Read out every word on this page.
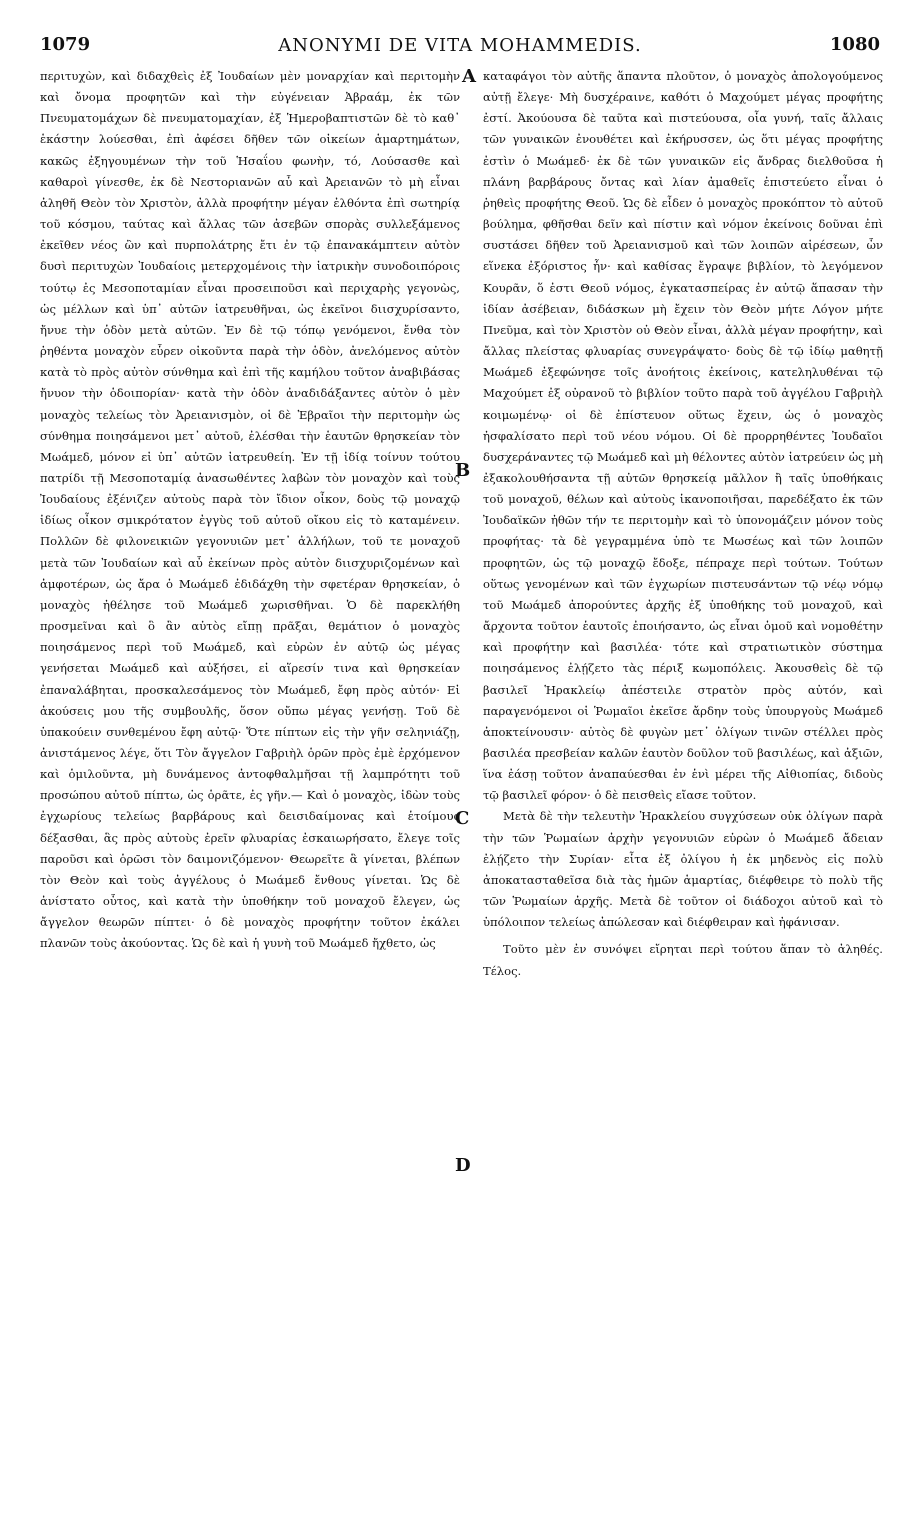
1079	ANONYMI DE VITA MOHAMMEDIS.	1080

περιτυχὼν, καὶ διδαχθεὶς ἐξ Ἰουδαίων μὲν μοναρχίαν καὶ περιτομὴν καὶ ὄνομα προφητῶν καὶ τὴν εὐγένειαν Ἀβραάμ, ἐκ τῶν Πνευματομάχων δὲ πνευματομαχίαν, ἐξ Ἡμεροβαπτιστῶν δὲ τὸ καθ᾽ ἑκάστην λούεσθαι, ἐπὶ ἀφέσει δῆθεν τῶν οἰκείων ἁμαρτημάτων, κακῶς ἐξηγουμένων τὴν τοῦ Ἡσαΐου φωνὴν, τό, Λούσασθε καὶ καθαροὶ γίνεσθε, ἐκ δὲ Νεστοριανῶν αὖ καὶ Ἀρειανῶν τὸ μὴ εἶναι ἀληθῆ Θεὸν τὸν Χριστὸν, ἀλλὰ προφήτην μέγαν ἐλθόντα ἐπὶ σωτηρίᾳ τοῦ κόσμου, ταύτας καὶ ἄλλας τῶν ἀσεβῶν σπορὰς συλλεξάμενος ἐκεῖθεν νέος ὢν καὶ πυρπολάτρης ἔτι ἐν τῷ ἐπανακάμπτειν αὐτὸν δυσὶ περιτυχὼν Ἰουδαίοις μετερχομένοις τὴν ἰατρικὴν συνοδοιπόροις τούτῳ ἐς Μεσοποταμίαν εἶναι προσειποῦσι καὶ περιχαρὴς γεγονὼς, ὡς μέλλων καὶ ὑπ᾽ αὐτῶν ἰατρευθῆναι, ὡς ἐκεῖνοι διισχυρίσαντο, ἤνυε τὴν ὁδὸν μετὰ αὐτῶν. Ἐν δὲ τῷ τόπῳ γενόμενοι, ἔνθα τὸν ῥηθέντα μοναχὸν εὗρεν οἰκοῦντα παρὰ τὴν ὁδὸν, ἀνελόμενος αὐτὸν κατὰ τὸ πρὸς αὐτὸν σύνθημα καὶ ἐπὶ τῆς καμήλου τοῦτον ἀναβιβάσας ἤνυον τὴν ὁδοιπορίαν· κατὰ τὴν ὁδὸν ἀναδιδάξαντες αὐτὸν ὁ μὲν μοναχὸς τελείως τὸν Ἀρειανισμὸν, οἱ δὲ Ἑβραῖοι τὴν περιτομὴν ὡς σύνθημα ποιησάμενοι μετ᾽ αὐτοῦ, ἐλέσθαι τὴν ἑαυτῶν θρησκείαν τὸν Μωάμεδ, μόνον εἰ ὑπ᾽ αὐτῶν ἰατρευθείη. Ἐν τῇ ἰδίᾳ τοίνυν τούτου πατρίδι τῇ Μεσοποταμίᾳ ἀνασωθέντες λαβὼν τὸν μοναχὸν καὶ τοὺς Ἰουδαίους ἐξένιζεν αὐτοὺς παρὰ τὸν ἴδιον οἶκον, δοὺς τῷ μοναχῷ ἰδίως οἶκον σμικρότατον ἐγγὺς τοῦ αὐτοῦ οἴκου εἰς τὸ καταμένειν. Πολλῶν δὲ φιλονεικιῶν γεγονυιῶν μετ᾽ ἀλλήλων, τοῦ τε μοναχοῦ μετὰ τῶν Ἰουδαίων καὶ αὖ ἐκείνων πρὸς αὐτὸν διισχυριζομένων καὶ ἀμφοτέρων, ὡς ἄρα ὁ Μωάμεδ ἐδιδάχθη τὴν σφετέραν θρησκείαν, ὁ μοναχὸς ἠθέλησε τοῦ Μωάμεδ χωρισθῆναι. Ὁ δὲ παρεκλήθη προσμεῖναι καὶ ὃ ἂν αὐτὸς εἴπῃ πρᾶξαι, θεμάτιον ὁ μοναχὸς ποιησάμενος περὶ τοῦ Μωάμεδ, καὶ εὑρὼν ἐν αὐτῷ ὡς μέγας γενήσεται Μωάμεδ καὶ αὐξήσει, εἰ αἵρεσίν τινα καὶ θρησκείαν ἐπαναλάβηται, προσκαλεσάμενος τὸν Μωάμεδ, ἔφη πρὸς αὐτόν· Εἰ ἀκούσεις μου τῆς συμβουλῆς, ὅσον οὔπω μέγας γενήσῃ. Τοῦ δὲ ὑπακούειν συνθεμένου ἔφη αὐτῷ· Ὅτε πίπτων εἰς τὴν γῆν σεληνιάζῃ, ἀνιστάμενος λέγε, ὅτι Τὸν ἄγγελον Γαβριὴλ ὁρῶν πρὸς ἐμὲ ἐρχόμενον καὶ ὁμιλοῦντα, μὴ δυνάμενος ἀντοφθαλμῆσαι τῇ λαμπρότητι τοῦ προσώπου αὐτοῦ πίπτω, ὡς ὁρᾶτε, ἐς γῆν.— Καὶ ὁ μοναχὸς, ἰδὼν τοὺς ἐγχωρίους τελείως βαρβάρους καὶ δεισιδαίμονας καὶ ἑτοίμους δέξασθαι, ἃς πρὸς αὐτοὺς ἐρεῖν φλυαρίας ἐσκαιωρήσατο, ἔλεγε τοῖς παροῦσι καὶ ὁρῶσι τὸν δαιμονιζόμενον· Θεωρεῖτε ἃ γίνεται, βλέπων τὸν Θεὸν καὶ τοὺς ἀγγέλους ὁ Μωάμεδ ἔνθους γίνεται. Ὡς δὲ ἀνίστατο οὗτος, καὶ κατὰ τὴν ὑποθήκην τοῦ μοναχοῦ ἔλεγεν, ὡς ἄγγελον θεωρῶν πίπτει· ὁ δὲ μοναχὸς προφήτην τοῦτον ἐκάλει πλανῶν τοὺς ἀκούοντας. Ὡς δὲ καὶ ἡ γυνὴ τοῦ Μωάμεδ ἤχθετο, ὡς

A
B
C
D

καταφάγοι τὸν αὐτῆς ἅπαντα πλοῦτον, ὁ μοναχὸς ἀπολογούμενος αὐτῇ ἔλεγε· Μὴ δυσχέραινε, καθότι ὁ Μαχούμετ μέγας προφήτης ἐστί. Ἀκούουσα δὲ ταῦτα καὶ πιστεύουσα, οἷα γυνή, ταῖς ἄλλαις τῶν γυναικῶν ἐνουθέτει καὶ ἐκήρυσσεν, ὡς ὅτι μέγας προφήτης ἐστὶν ὁ Μωάμεδ· ἐκ δὲ τῶν γυναικῶν εἰς ἄνδρας διελθοῦσα ἡ πλάνη βαρβάρους ὄντας καὶ λίαν ἀμαθεῖς ἐπιστεύετο εἶναι ὁ ῥηθεὶς προφήτης Θεοῦ. Ὡς δὲ εἶδεν ὁ μοναχὸς προκόπτον τὸ αὐτοῦ βούλημα, φθῆσθαι δεῖν καὶ πίστιν καὶ νόμον ἐκείνοις δοῦναι ἐπὶ συστάσει δῆθεν τοῦ Ἀρειανισμοῦ καὶ τῶν λοιπῶν αἱρέσεων, ὧν εἵνεκα ἐξόριστος ἦν· καὶ καθίσας ἔγραψε βιβλίον, τὸ λεγόμενον Κουρᾶν, ὅ ἐστι Θεοῦ νόμος, ἐγκατασπείρας ἐν αὐτῷ ἅπασαν τὴν ἰδίαν ἀσέβειαν, διδάσκων μὴ ἔχειν τὸν Θεὸν μήτε Λόγον μήτε Πνεῦμα, καὶ τὸν Χριστὸν οὐ Θεὸν εἶναι, ἀλλὰ μέγαν προφήτην, καὶ ἄλλας πλείστας φλυαρίας συνεγράψατο· δοὺς δὲ τῷ ἰδίῳ μαθητῇ Μωάμεδ ἐξεφώνησε τοῖς ἀνοήτοις ἐκείνοις, κατεληλυθέναι τῷ Μαχούμετ ἐξ οὐρανοῦ τὸ βιβλίον τοῦτο παρὰ τοῦ ἀγγέλου Γαβριὴλ κοιμωμένῳ· οἱ δὲ ἐπίστευον οὕτως ἔχειν, ὡς ὁ μοναχὸς ἠσφαλίσατο περὶ τοῦ νέου νόμου. Οἱ δὲ προρρηθέντες Ἰουδαῖοι δυσχεράναντες τῷ Μωάμεδ καὶ μὴ θέλοντες αὐτὸν ἰατρεύειν ὡς μὴ ἐξακολουθήσαντα τῇ αὐτῶν θρησκείᾳ μᾶλλον ἢ ταῖς ὑποθήκαις τοῦ μοναχοῦ, θέλων καὶ αὐτοὺς ἱκανοποιῆσαι, παρεδέξατο ἐκ τῶν Ἰουδαϊκῶν ἠθῶν τήν τε περιτομὴν καὶ τὸ ὑπονομάζειν μόνον τοὺς προφήτας· τὰ δὲ γεγραμμένα ὑπὸ τε Μωσέως καὶ τῶν λοιπῶν προφητῶν, ὡς τῷ μοναχῷ ἔδοξε, πέπραχε περὶ τούτων. Τούτων οὕτως γενομένων καὶ τῶν ἐγχωρίων πιστευσάντων τῷ νέῳ νόμῳ τοῦ Μωάμεδ ἀπορούντες ἀρχῆς ἐξ ὑποθήκης τοῦ μοναχοῦ, καὶ ἄρχοντα τοῦτον ἑαυτοῖς ἐποιήσαντο, ὡς εἶναι ὁμοῦ καὶ νομοθέτην καὶ προφήτην καὶ βασιλέα· τότε καὶ στρατιωτικὸν σύστημα ποιησάμενος ἐλῄζετο τὰς πέριξ κωμοπόλεις. Ἀκουσθεὶς δὲ τῷ βασιλεῖ Ἡρακλείῳ ἀπέστειλε στρατὸν πρὸς αὐτόν, καὶ παραγενόμενοι οἱ Ῥωμαῖοι ἐκεῖσε ἄρδην τοὺς ὑπουργοὺς Μωάμεδ ἀποκτείνουσιν· αὐτὸς δὲ φυγὼν μετ᾽ ὀλίγων τινῶν στέλλει πρὸς βασιλέα πρεσβείαν καλῶν ἑαυτὸν δοῦλον τοῦ βασιλέως, καὶ ἀξιῶν, ἵνα ἐάσῃ τοῦτον ἀναπαύεσθαι ἐν ἑνὶ μέρει τῆς Αἰθιοπίας, διδοὺς τῷ βασιλεῖ φόρον· ὁ δὲ πεισθεὶς εἴασε τοῦτον.

Μετὰ δὲ τὴν τελευτὴν Ἡρακλείου συγχύσεων οὐκ ὀλίγων παρὰ τὴν τῶν Ῥωμαίων ἀρχὴν γεγονυιῶν εὑρὼν ὁ Μωάμεδ ἄδειαν ἐλῄζετο τὴν Συρίαν· εἶτα ἐξ ὀλίγου ἡ ἐκ μηδενὸς εἰς πολὺ ἀποκατασταθεῖσα διὰ τὰς ἡμῶν ἁμαρτίας, διέφθειρε τὸ πολὺ τῆς τῶν Ῥωμαίων ἀρχῆς. Μετὰ δὲ τοῦτον οἱ διάδοχοι αὐτοῦ καὶ τὸ ὑπόλοιπον τελείως ἀπώλεσαν καὶ διέφθειραν καὶ ἠφάνισαν.

Τοῦτο μὲν ἐν συνόψει εἴρηται περὶ τούτου ἅπαν τὸ ἀληθές. Τέλος.
